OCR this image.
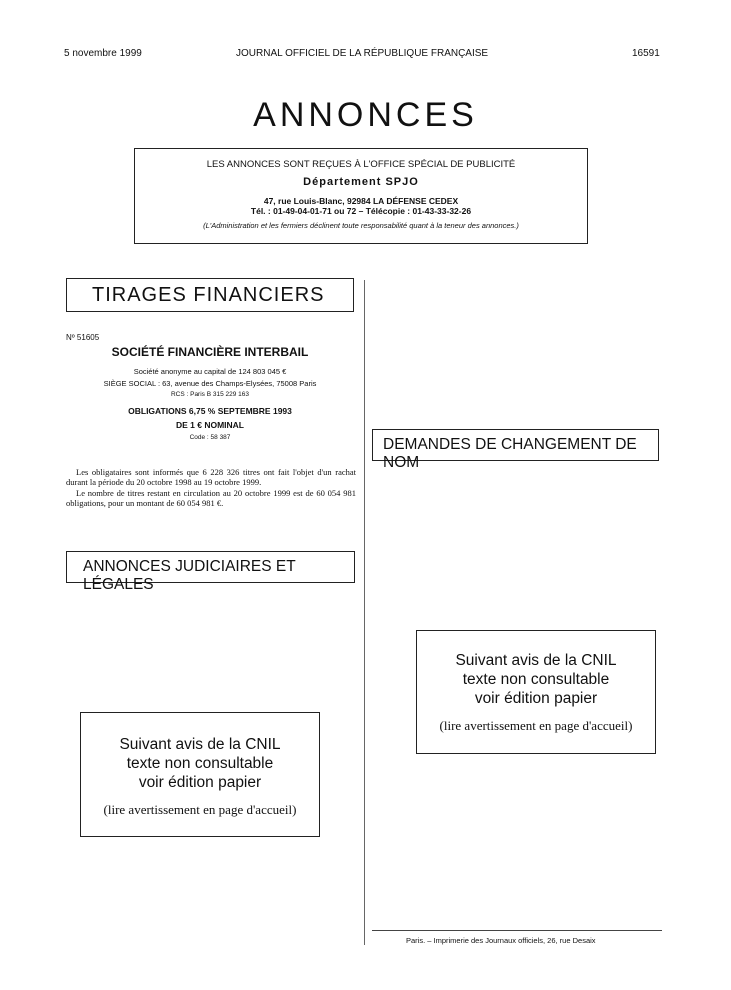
5 novembre 1999	JOURNAL OFFICIEL DE LA RÉPUBLIQUE FRANÇAISE	16591
ANNONCES
LES ANNONCES SONT REÇUES À L'OFFICE SPÉCIAL DE PUBLICITÉ
Département SPJO
47, rue Louis-Blanc, 92984 LA DÉFENSE CEDEX
Tél. : 01-49-04-01-71 ou 72 – Télécopie : 01-43-33-32-26
(L'Administration et les fermiers déclinent toute responsabilité quant à la teneur des annonces.)
TIRAGES FINANCIERS
Nº 51605
SOCIÉTÉ FINANCIÈRE INTERBAIL
Société anonyme au capital de 124 803 045 €
SIÈGE SOCIAL : 63, avenue des Champs-Elysées, 75008 Paris
RCS : Paris B 315 229 163
OBLIGATIONS 6,75 % SEPTEMBRE 1993
DE 1 € NOMINAL
Code : 58 387
Les obligataires sont informés que 6 228 326 titres ont fait l'objet d'un rachat durant la période du 20 octobre 1998 au 19 octobre 1999.
Le nombre de titres restant en circulation au 20 octobre 1999 est de 60 054 981 obligations, pour un montant de 60 054 981 €.
ANNONCES JUDICIAIRES ET LÉGALES
Suivant avis de la CNIL
texte non consultable
voir édition papier
(lire avertissement en page d'accueil)
DEMANDES DE CHANGEMENT DE NOM
Suivant avis de la CNIL
texte non consultable
voir édition papier
(lire avertissement en page d'accueil)
Paris. – Imprimerie des Journaux officiels, 26, rue Desaix
